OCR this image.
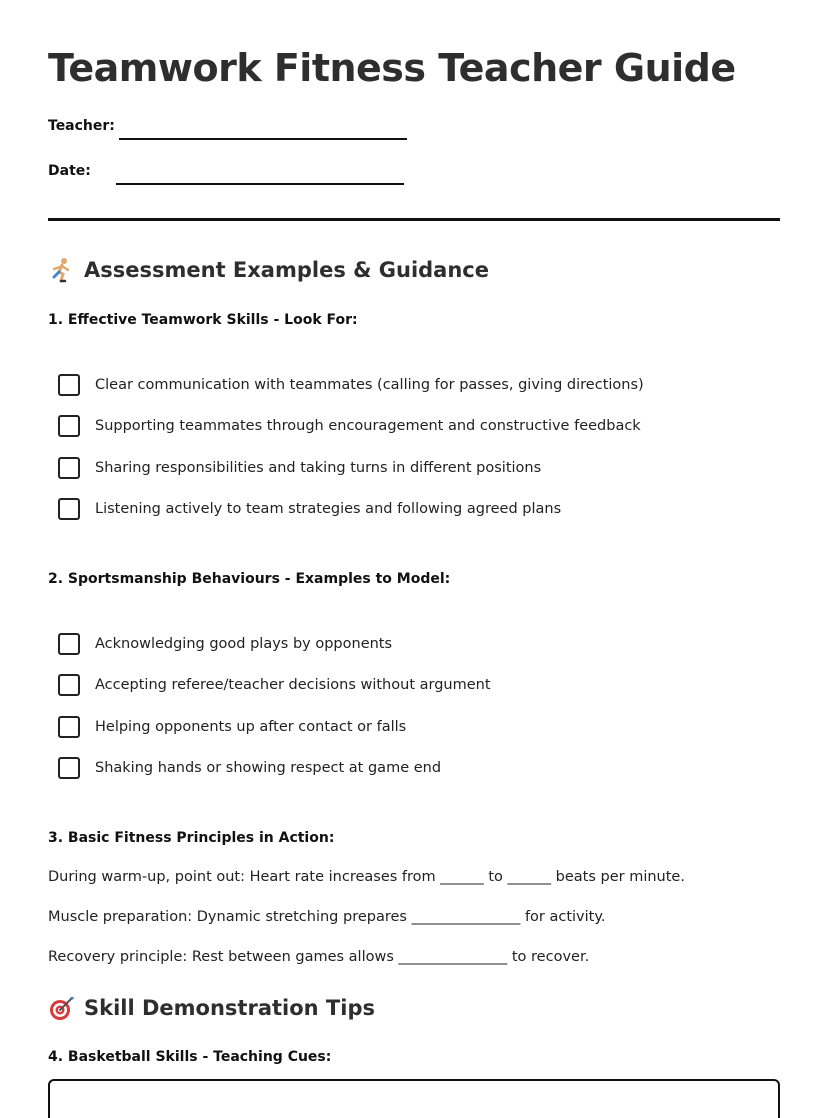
Teamwork Fitness Teacher Guide
Teacher:
Date:
Assessment Examples & Guidance
1. Effective Teamwork Skills - Look For:
Clear communication with teammates (calling for passes, giving directions)
Supporting teammates through encouragement and constructive feedback
Sharing responsibilities and taking turns in different positions
Listening actively to team strategies and following agreed plans
2. Sportsmanship Behaviours - Examples to Model:
Acknowledging good plays by opponents
Accepting referee/teacher decisions without argument
Helping opponents up after contact or falls
Shaking hands or showing respect at game end
3. Basic Fitness Principles in Action:
During warm-up, point out: Heart rate increases from ______ to ______ beats per minute.
Muscle preparation: Dynamic stretching prepares _______________ for activity.
Recovery principle: Rest between games allows _______________ to recover.
Skill Demonstration Tips
4. Basketball Skills - Teaching Cues:
